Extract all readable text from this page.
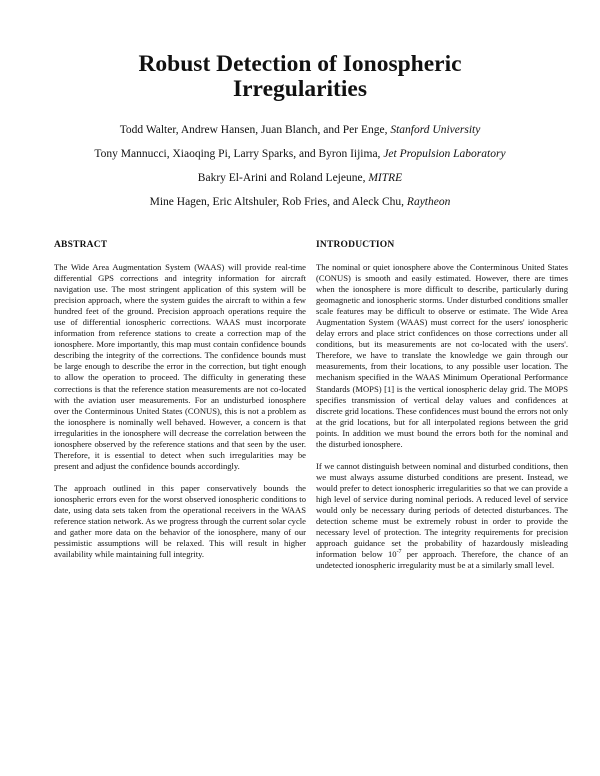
Robust Detection of Ionospheric
Irregularities

Todd Walter, Andrew Hansen, Juan Blanch, and Per Enge, Stanford University

Tony Mannucci, Xiaoqing Pi, Larry Sparks, and Byron Iijima, Jet Propulsion Laboratory

Bakry El-Arini and Roland Lejeune, MITRE

Mine Hagen, Eric Altshuler, Rob Fries, and Aleck Chu, Raytheon

ABSTRACT

The Wide Area Augmentation System (WAAS) will provide real-time differential GPS corrections and integrity information for aircraft navigation use. The most stringent application of this system will be precision approach, where the system guides the aircraft to within a few hundred feet of the ground. Precision approach operations require the use of differential ionospheric corrections. WAAS must incorporate information from reference stations to create a correction map of the ionosphere. More importantly, this map must contain confidence bounds describing the integrity of the corrections. The confidence bounds must be large enough to describe the error in the correction, but tight enough to allow the operation to proceed. The difficulty in generating these corrections is that the reference station measurements are not co-located with the aviation user measurements. For an undisturbed ionosphere over the Conterminous United States (CONUS), this is not a problem as the ionosphere is nominally well behaved. However, a concern is that irregularities in the ionosphere will decrease the correlation between the ionosphere observed by the reference stations and that seen by the user. Therefore, it is essential to detect when such irregularities may be present and adjust the confidence bounds accordingly.

The approach outlined in this paper conservatively bounds the ionospheric errors even for the worst observed ionospheric conditions to date, using data sets taken from the operational receivers in the WAAS reference station network. As we progress through the current solar cycle and gather more data on the behavior of the ionosphere, many of our pessimistic assumptions will be relaxed. This will result in higher availability while maintaining full integrity.

INTRODUCTION

The nominal or quiet ionosphere above the Conterminous United States (CONUS) is smooth and easily estimated. However, there are times when the ionosphere is more difficult to describe, particularly during geomagnetic and ionospheric storms. Under disturbed conditions smaller scale features may be difficult to observe or estimate. The Wide Area Augmentation System (WAAS) must correct for the users' ionospheric delay errors and place strict confidences on those corrections under all conditions, but its measurements are not co-located with the users'. Therefore, we have to translate the knowledge we gain through our measurements, from their locations, to any possible user location. The mechanism specified in the WAAS Minimum Operational Performance Standards (MOPS) [1] is the vertical ionospheric delay grid. The MOPS specifies transmission of vertical delay values and confidences at discrete grid locations. These confidences must bound the errors not only at the grid locations, but for all interpolated regions between the grid points. In addition we must bound the errors both for the nominal and the disturbed ionosphere.

If we cannot distinguish between nominal and disturbed conditions, then we must always assume disturbed conditions are present. Instead, we would prefer to detect ionospheric irregularities so that we can provide a high level of service during nominal periods. A reduced level of service would only be necessary during periods of detected disturbances. The detection scheme must be extremely robust in order to provide the necessary level of protection. The integrity requirements for precision approach guidance set the probability of hazardously misleading information below $10^{-7}$ per approach. Therefore, the chance of an undetected ionospheric irregularity must be at a similarly small level.
